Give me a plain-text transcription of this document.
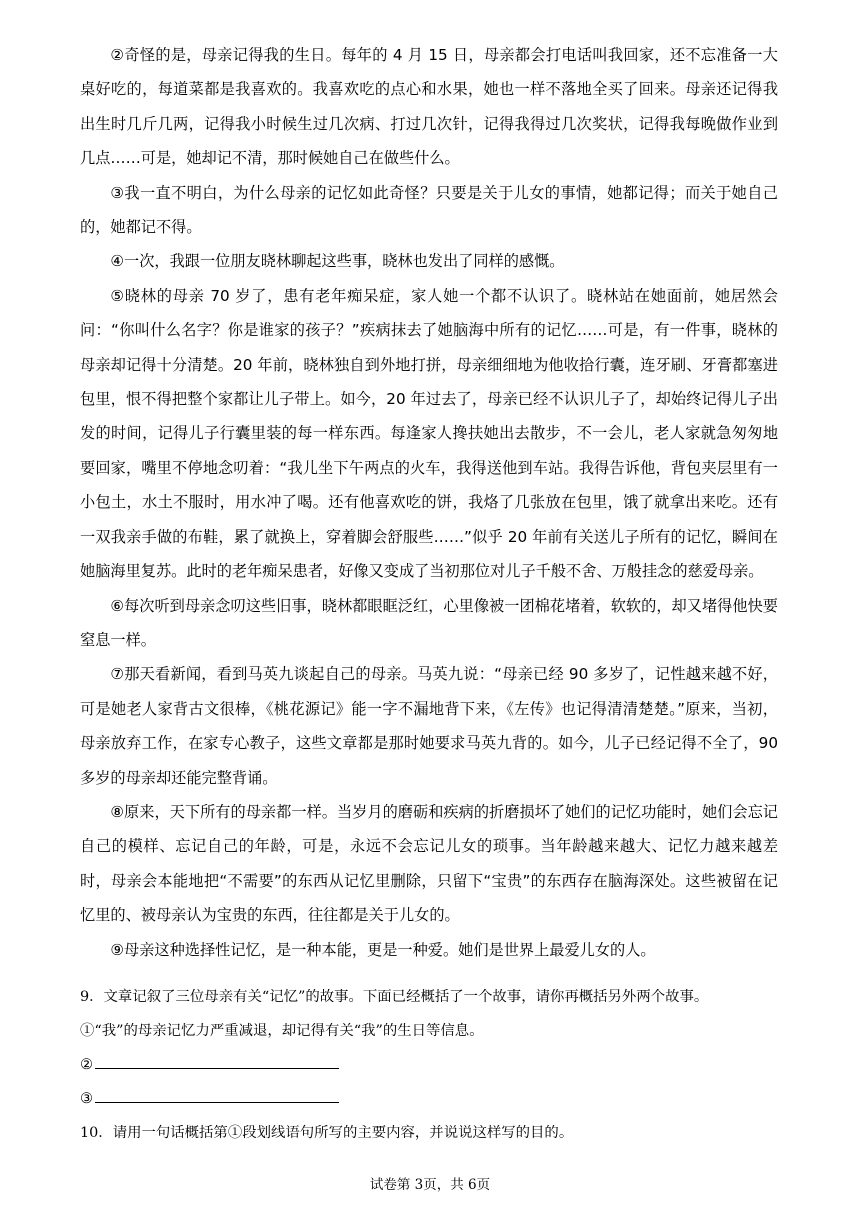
②奇怪的是，母亲记得我的生日。每年的 4 月 15 日，母亲都会打电话叫我回家，还不忘准备一大桌好吃的，每道菜都是我喜欢的。我喜欢吃的点心和水果，她也一样不落地全买了回来。母亲还记得我出生时几斤几两，记得我小时候生过几次病、打过几次针，记得我得过几次奖状，记得我每晚做作业到几点……可是，她却记不清，那时候她自己在做些什么。

③我一直不明白，为什么母亲的记忆如此奇怪？只要是关于儿女的事情，她都记得；而关于她自己的，她都记不得。

④一次，我跟一位朋友晓林聊起这些事，晓林也发出了同样的感慨。

⑤晓林的母亲 70 岁了，患有老年痴呆症，家人她一个都不认识了。晓林站在她面前，她居然会问：“你叫什么名字？你是谁家的孩子？”疾病抹去了她脑海中所有的记忆……可是，有一件事，晓林的母亲却记得十分清楚。20 年前，晓林独自到外地打拼，母亲细细地为他收拾行囊，连牙刷、牙膏都塞进包里，恨不得把整个家都让儿子带上。如今，20 年过去了，母亲已经不认识儿子了，却始终记得儿子出发的时间，记得儿子行囊里装的每一样东西。每逢家人搀扶她出去散步，不一会儿，老人家就急匆匆地要回家，嘴里不停地念叨着：“我儿坐下午两点的火车，我得送他到车站。我得告诉他，背包夹层里有一小包土，水土不服时，用水冲了喝。还有他喜欢吃的饼，我烙了几张放在包里，饿了就拿出来吃。还有一双我亲手做的布鞋，累了就换上，穿着脚会舒服些……”似乎 20 年前有关送儿子所有的记忆，瞬间在她脑海里复苏。此时的老年痴呆患者，好像又变成了当初那位对儿子千般不舍、万般挂念的慈爱母亲。

⑥每次听到母亲念叨这些旧事，晓林都眼眶泛红，心里像被一团棉花堵着，软软的，却又堵得他快要窒息一样。

⑦那天看新闻，看到马英九谈起自己的母亲。马英九说：“母亲已经 90 多岁了，记性越来越不好，可是她老人家背古文很棒，《桃花源记》能一字不漏地背下来，《左传》也记得清清楚楚。”原来，当初，母亲放弃工作，在家专心教子，这些文章都是那时她要求马英九背的。如今，儿子已经记得不全了，90 多岁的母亲却还能完整背诵。

⑧原来，天下所有的母亲都一样。当岁月的磨砺和疾病的折磨损坏了她们的记忆功能时，她们会忘记自己的模样、忘记自己的年龄，可是，永远不会忘记儿女的琐事。当年龄越来越大、记忆力越来越差时，母亲会本能地把“不需要”的东西从记忆里删除，只留下“宝贵”的东西存在脑海深处。这些被留在记忆里的、被母亲认为宝贵的东西，往往都是关于儿女的。

⑨母亲这种选择性记忆，是一种本能，更是一种爱。她们是世界上最爱儿女的人。

9．文章记叙了三位母亲有关“记忆”的故事。下面已经概括了一个故事，请你再概括另外两个故事。

①“我”的母亲记忆力严重减退，却记得有关“我”的生日等信息。

②

③

10．请用一句话概括第①段划线语句所写的主要内容，并说说这样写的目的。

试卷第 3页，共 6页
